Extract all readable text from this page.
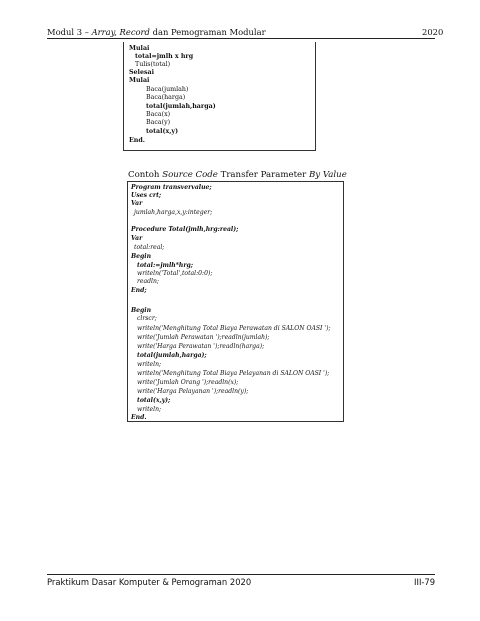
Modul 3 – Array, Record dan Pemograman Modular	2020
Mulai
total=jmlh x hrg
Tulis(total)
Selesai
Mulai
Baca(jumlah)
Baca(harga)
total(jumlah,harga)
Baca(x)
Baca(y)
total(x,y)
End.
Contoh Source Code Transfer Parameter By Value
Program transvervalue;
Uses crt;
Var
jumlah,harga,x,y:integer;
Procedure Total(jmlh,hrg:real);
Var
total:real;
Begin
total:=jmlh*hrg;
writeln('Total',total:0:0);
readln;
End;
Begin
clrscr;
writeln('Menghitung Total Biaya Perawatan di SALON OASI ');
write('Jumlah Perawatan ');readln(jumlah);
write('Harga Perawatan ');readln(harga);
total(jumlah,harga);
writeln;
writeln('Menghitung Total Biaya Pelayanan di SALON OASI ');
write('Jumlah Orang ');readln(x);
write('Harga Pelayanan ');readln(y);
total(x,y);
writeln;
End.
Praktikum Dasar Komputer & Pemograman 2020	III-79
